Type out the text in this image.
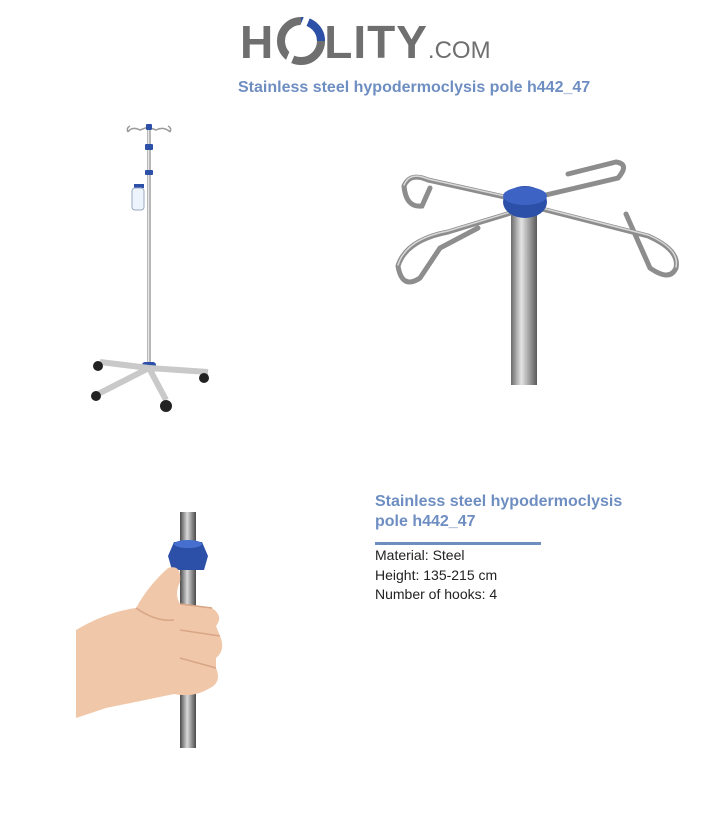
H LITY .COM
Stainless steel hypodermoclysis pole h442_47
Stainless steel hypodermoclysis pole h442_47
Material: Steel
Height: 135-215 cm
Number of hooks: 4
